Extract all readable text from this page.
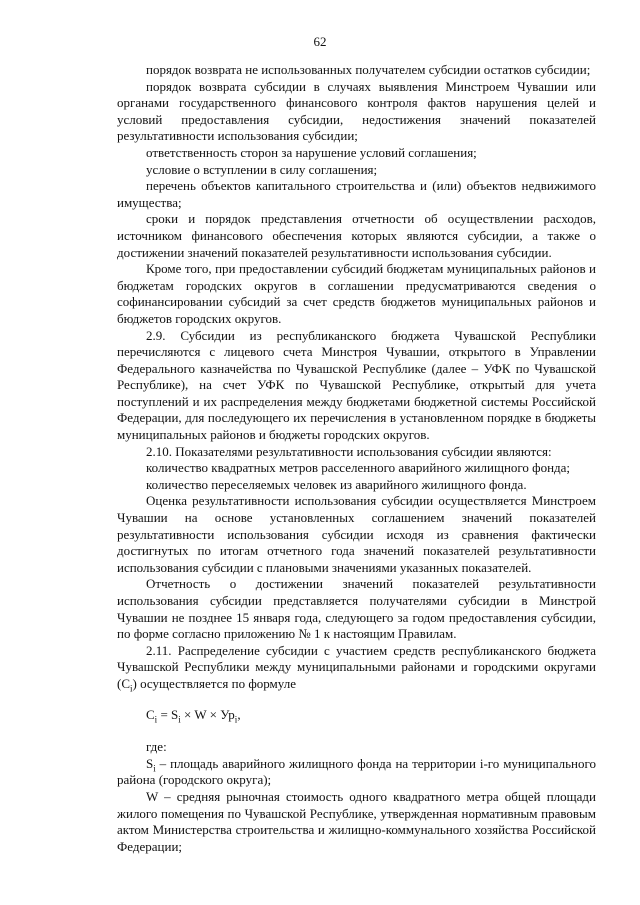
62

порядок возврата не использованных получателем субсидии остатков субсидии;

порядок возврата субсидии в случаях выявления Минстроем Чувашии или органами государственного финансового контроля фактов нарушения целей и условий предоставления субсидии, недостижения значений показателей результативности использования субсидии;

ответственность сторон за нарушение условий соглашения;

условие о вступлении в силу соглашения;

перечень объектов капитального строительства и (или) объектов недвижимого имущества;

сроки и порядок представления отчетности об осуществлении расходов, источником финансового обеспечения которых являются субсидии, а также о достижении значений показателей результативности использования субсидии.

Кроме того, при предоставлении субсидий бюджетам муниципальных районов и бюджетам городских округов в соглашении предусматриваются сведения о софинансировании субсидий за счет средств бюджетов муниципальных районов и бюджетов городских округов.

2.9. Субсидии из республиканского бюджета Чувашской Республики перечисляются с лицевого счета Минстроя Чувашии, открытого в Управлении Федерального казначейства по Чувашской Республике (далее – УФК по Чувашской Республике), на счет УФК по Чувашской Республике, открытый для учета поступлений и их распределения между бюджетами бюджетной системы Российской Федерации, для последующего их перечисления в установленном порядке в бюджеты муниципальных районов и бюджеты городских округов.

2.10. Показателями результативности использования субсидии являются:

количество квадратных метров расселенного аварийного жилищного фонда;

количество переселяемых человек из аварийного жилищного фонда.

Оценка результативности использования субсидии осуществляется Минстроем Чувашии на основе установленных соглашением значений показателей результативности использования субсидии исходя из сравнения фактически достигнутых по итогам отчетного года значений показателей результативности использования субсидии с плановыми значениями указанных показателей.

Отчетность о достижении значений показателей результативности использования субсидии представляется получателями субсидии в Минстрой Чувашии не позднее 15 января года, следующего за годом предоставления субсидии, по форме согласно приложению № 1 к настоящим Правилам.

2.11. Распределение субсидии с участием средств республиканского бюджета Чувашской Республики между муниципальными районами и городскими округами $(С_i)$ осуществляется по формуле

$С_i = S_i \times W \times Ур_i$,

где:

$S_i$ – площадь аварийного жилищного фонда на территории i-го муниципального района (городского округа);

W – средняя рыночная стоимость одного квадратного метра общей площади жилого помещения по Чувашской Республике, утвержденная нормативным правовым актом Министерства строительства и жилищно-коммунального хозяйства Российской Федерации;
